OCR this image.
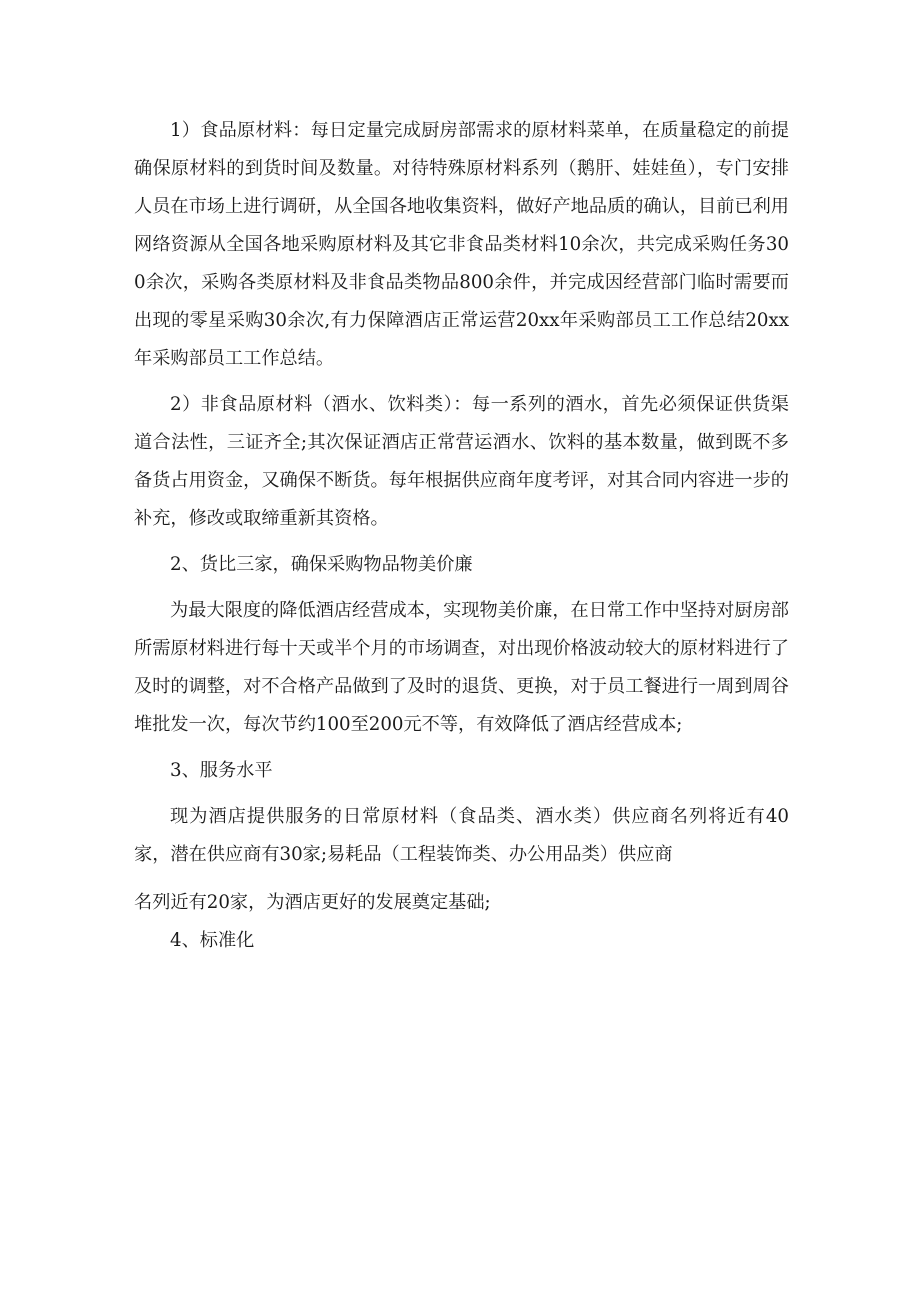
1）食品原材料：每日定量完成厨房部需求的原材料菜单，在质量稳定的前提确保原材料的到货时间及数量。对待特殊原材料系列（鹅肝、娃娃鱼），专门安排人员在市场上进行调研，从全国各地收集资料，做好产地品质的确认，目前已利用网络资源从全国各地采购原材料及其它非食品类材料10余次，共完成采购任务300余次，采购各类原材料及非食品类物品800余件，并完成因经营部门临时需要而出现的零星采购30余次,有力保障酒店正常运营20xx年采购部员工工作总结20xx年采购部员工工作总结。

2）非食品原材料（酒水、饮料类）：每一系列的酒水，首先必须保证供货渠道合法性，三证齐全;其次保证酒店正常营运酒水、饮料的基本数量，做到既不多备货占用资金，又确保不断货。每年根据供应商年度考评，对其合同内容进一步的补充，修改或取缔重新其资格。

2、货比三家，确保采购物品物美价廉

为最大限度的降低酒店经营成本，实现物美价廉，在日常工作中坚持对厨房部所需原材料进行每十天或半个月的市场调查，对出现价格波动较大的原材料进行了及时的调整，对不合格产品做到了及时的退货、更换，对于员工餐进行一周到周谷堆批发一次，每次节约100至200元不等，有效降低了酒店经营成本;

3、服务水平

现为酒店提供服务的日常原材料（食品类、酒水类）供应商名列将近有40家，潜在供应商有30家;易耗品（工程装饰类、办公用品类）供应商

名列近有20家，为酒店更好的发展奠定基础;

4、标准化
